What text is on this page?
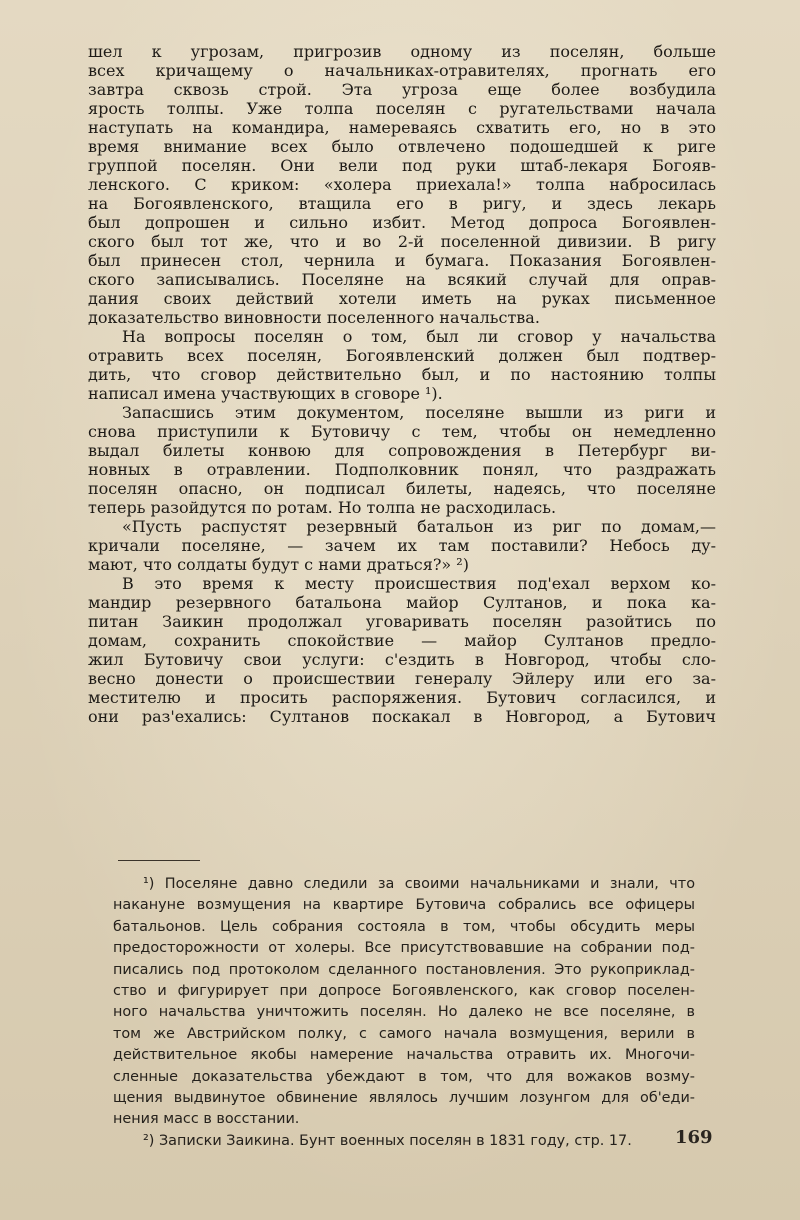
шел к угрозам, пригрозив одному из поселян, больше
всех кричащему о начальниках-отравителях, прогнать его
завтра сквозь строй. Эта угроза еще более возбудила
ярость толпы. Уже толпа поселян с ругательствами начала
наступать на командира, намереваясь схватить его, но в это
время внимание всех было отвлечено подошедшей к риге
группой поселян. Они вели под руки штаб-лекаря Богояв-
ленского. С криком: «холера приехала!» толпа набросилась
на Богоявленского, втащила его в ригу, и здесь лекарь
был допрошен и сильно избит. Метод допроса Богоявлен-
ского был тот же, что и во 2-й поселенной дивизии. В ригу
был принесен стол, чернила и бумага. Показания Богоявлен-
ского записывались. Поселяне на всякий случай для оправ-
дания своих действий хотели иметь на руках письменное
доказательство виновности поселенного начальства.
На вопросы поселян о том, был ли сговор у начальства
отравить всех поселян, Богоявленский должен был подтвер-
дить, что сговор действительно был, и по настоянию толпы
написал имена участвующих в сговоре ¹).
Запасшись этим документом, поселяне вышли из риги и
снова приступили к Бутовичу с тем, чтобы он немедленно
выдал билеты конвою для сопровождения в Петербург ви-
новных в отравлении. Подполковник понял, что раздражать
поселян опасно, он подписал билеты, надеясь, что поселяне
теперь разойдутся по ротам. Но толпа не расходилась.
«Пусть распустят резервный батальон из риг по домам,—
кричали поселяне, — зачем их там поставили? Небось ду-
мают, что солдаты будут с нами драться?» ²)
В это время к месту происшествия под'ехал верхом ко-
мандир резервного батальона майор Султанов, и пока ка-
питан Заикин продолжал уговаривать поселян разойтись по
домам, сохранить спокойствие — майор Султанов предло-
жил Бутовичу свои услуги: с'ездить в Новгород, чтобы сло-
весно донести о происшествии генералу Эйлеру или его за-
местителю и просить распоряжения. Бутович согласился, и
они раз'ехались: Султанов поскакал в Новгород, а Бутович
¹) Поселяне давно следили за своими начальниками и знали, что
накануне возмущения на квартире Бутовича собрались все офицеры
батальонов. Цель собрания состояла в том, чтобы обсудить меры
предосторожности от холеры. Все присутствовавшие на собрании под-
писались под протоколом сделанного постановления. Это рукоприклад-
ство и фигурирует при допросе Богоявленского, как сговор поселен-
ного начальства уничтожить поселян. Но далеко не все поселяне, в
том же Австрийском полку, с самого начала возмущения, верили в
действительное якобы намерение начальства отравить их. Многочи-
сленные доказательства убеждают в том, что для вожаков возму-
щения выдвинутое обвинение являлось лучшим лозунгом для об'еди-
нения масс в восстании.
²) Записки Заикина. Бунт военных поселян в 1831 году, стр. 17.	169
